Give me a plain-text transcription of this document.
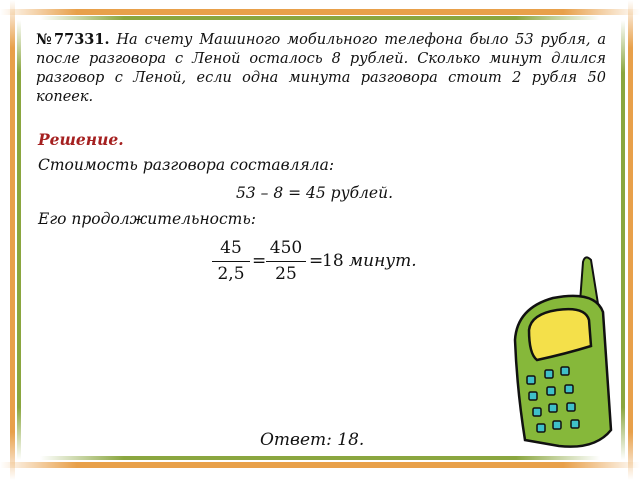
№77331. На счету Машиного мобильного телефона было 53 рубля, а после разговора с Леной осталось 8 рублей. Сколько минут длился разговор с Леной, если одна минута разговора стоит 2 рубля 50 копеек.
Решение.
Стоимость разговора составляла:
53 – 8 = 45 рублей.
Его продолжительность:
45
2,5
=
450
25
=
18 минут.
Ответ: 18.
